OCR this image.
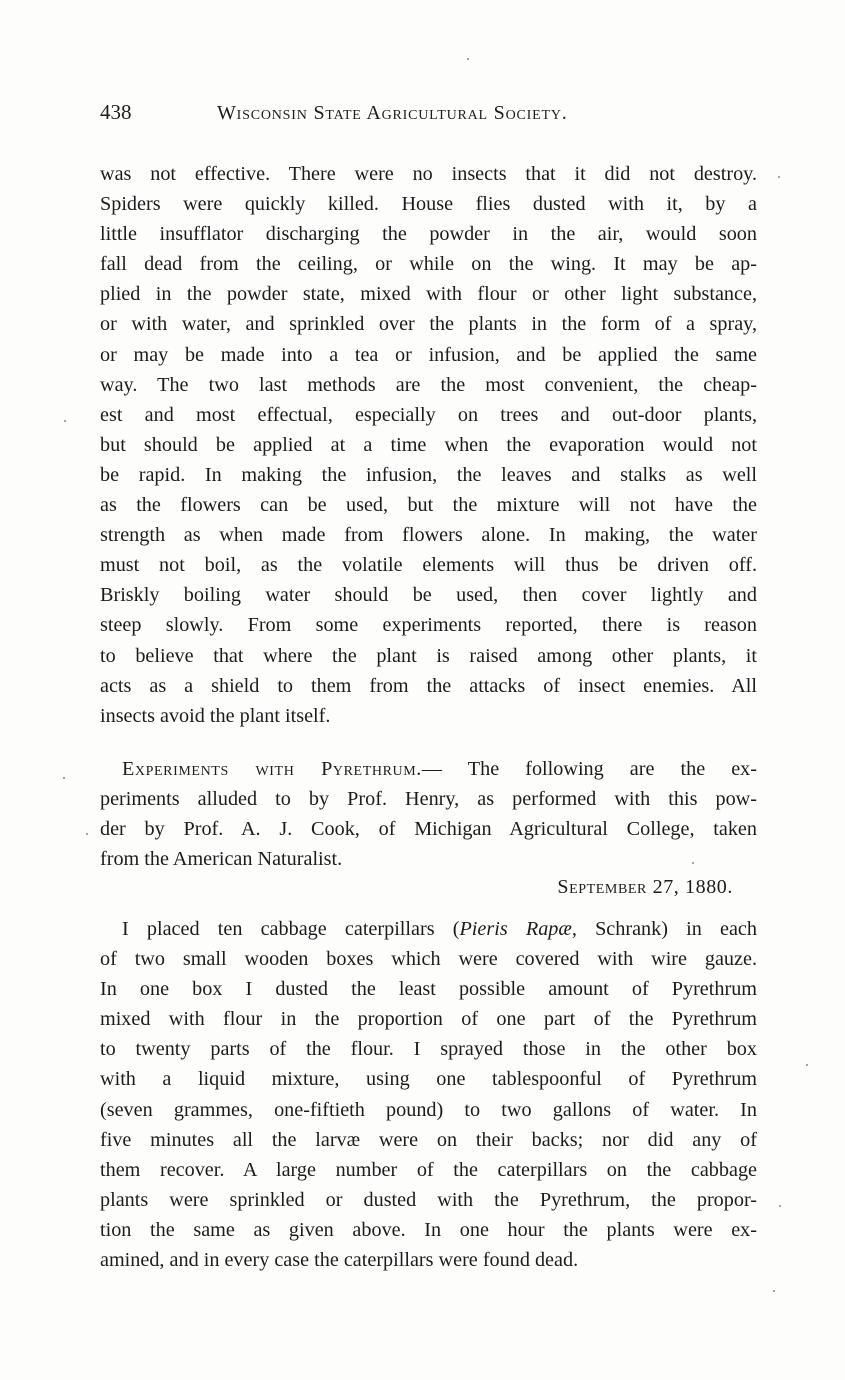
438	Wisconsin State Agricultural Society.
was not effective. There were no insects that it did not destroy.
Spiders were quickly killed. House flies dusted with it, by a
little insufflator discharging the powder in the air, would soon
fall dead from the ceiling, or while on the wing. It may be ap-
plied in the powder state, mixed with flour or other light substance,
or with water, and sprinkled over the plants in the form of a spray,
or may be made into a tea or infusion, and be applied the same
way. The two last methods are the most convenient, the cheap-
est and most effectual, especially on trees and out-door plants,
but should be applied at a time when the evaporation would not
be rapid. In making the infusion, the leaves and stalks as well
as the flowers can be used, but the mixture will not have the
strength as when made from flowers alone. In making, the water
must not boil, as the volatile elements will thus be driven off.
Briskly boiling water should be used, then cover lightly and
steep slowly. From some experiments reported, there is reason
to believe that where the plant is raised among other plants, it
acts as a shield to them from the attacks of insect enemies. All
insects avoid the plant itself.
Experiments with Pyrethrum.— The following are the ex-
periments alluded to by Prof. Henry, as performed with this pow-
der by Prof. A. J. Cook, of Michigan Agricultural College, taken
from the American Naturalist.
September 27, 1880.
I placed ten cabbage caterpillars (Pieris Rapæ, Schrank) in each
of two small wooden boxes which were covered with wire gauze.
In one box I dusted the least possible amount of Pyrethrum
mixed with flour in the proportion of one part of the Pyrethrum
to twenty parts of the flour. I sprayed those in the other box
with a liquid mixture, using one tablespoonful of Pyrethrum
(seven grammes, one-fiftieth pound) to two gallons of water. In
five minutes all the larvæ were on their backs; nor did any of
them recover. A large number of the caterpillars on the cabbage
plants were sprinkled or dusted with the Pyrethrum, the propor-
tion the same as given above. In one hour the plants were ex-
amined, and in every case the caterpillars were found dead.
